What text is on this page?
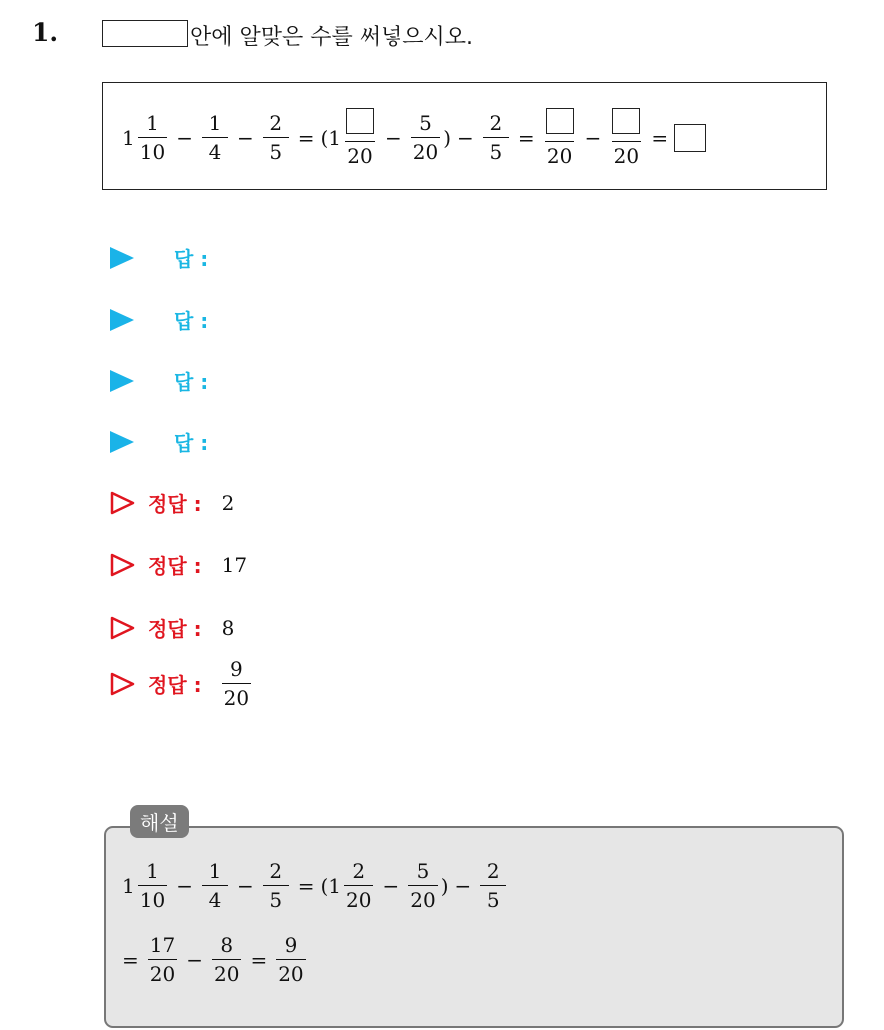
1.	안에 알맞은 수를 써넣으시오.
$1 \frac{1}{10} - \frac{1}{4} - \frac{2}{5} = (1$
20
− $\frac{5}{20}$ ) − $\frac{2}{5}$ =
20
−
20
=
답 :
답 :
답 :
답 :
정답 : 2
정답 : 17
정답 : 8
정답 : $\frac{9}{20}$
해설
$1 \frac{1}{10} - \frac{1}{4} - \frac{2}{5} = (1 \frac{2}{20} - \frac{5}{20}$ ) − $\frac{2}{5}$
= $\frac{17}{20} - \frac{8}{20} = \frac{9}{20}$
